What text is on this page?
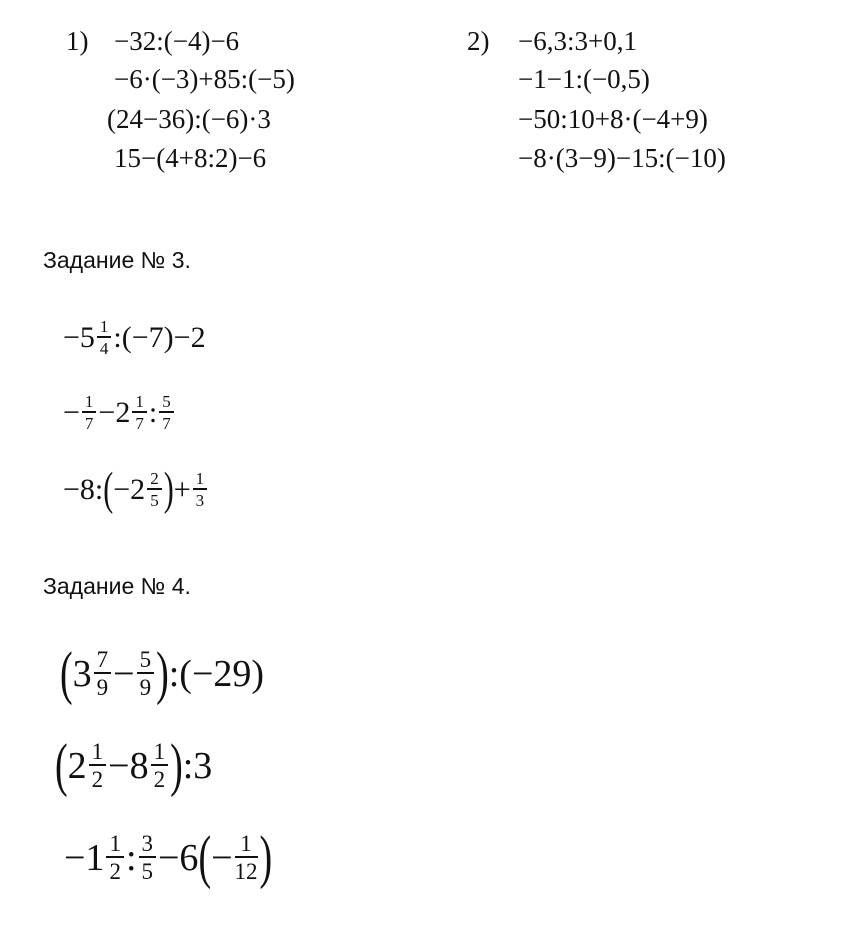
1) −32:(−4)−6
−6·(−3)+85:(−5)
(24−36):(−6)·3
15−(4+8:2)−6
2) −6,3:3+0,1
−1−1:(−0,5)
−50:10+8·(−4+9)
−8·(3−9)−15:(−10)
Задание № 3.
$-5 \frac{1}{4}$ :(−7)−2
− $\frac{1}{7} -2 \frac{1}{7}$ : $\frac{5}{7}$
−8:(−2 $\frac{2}{5}$ )+ $\frac{1}{3}$
Задание № 4.
($3 \frac{7}{9} - \frac{5}{9}$ ):(−29)
($2 \frac{1}{2} -8 \frac{1}{2}$ ):3
$-1 \frac{1}{2}$ : $\frac{3}{5} -6(- \frac{1}{12}$ )
